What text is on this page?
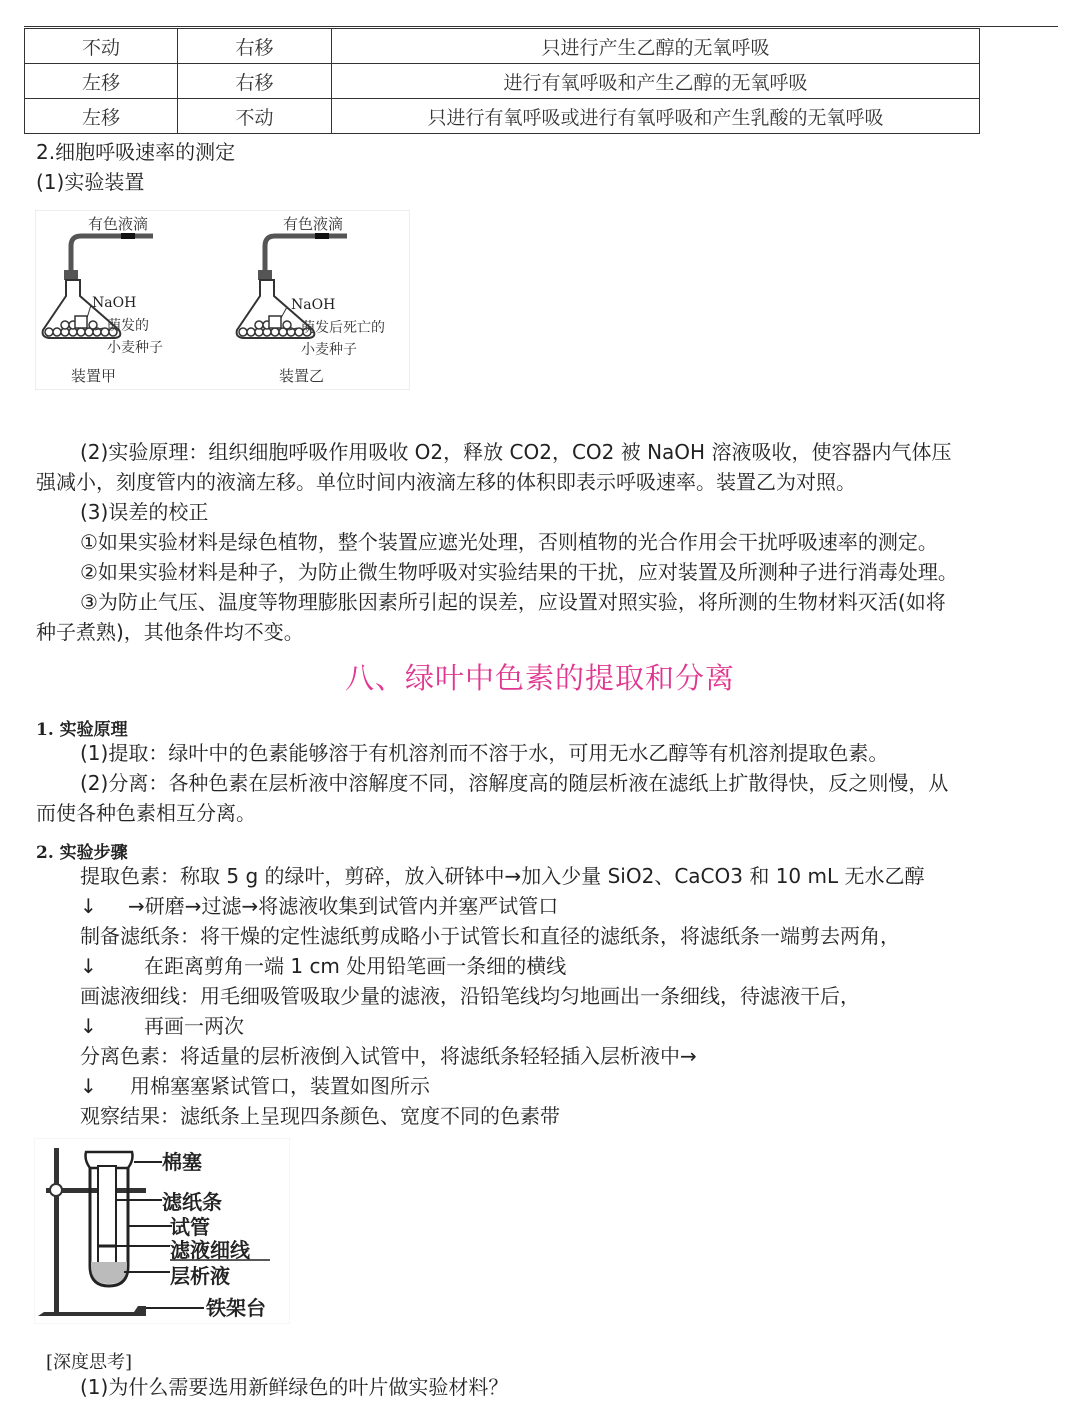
不动	右移	只进行产生乙醇的无氧呼吸
左移	右移	进行有氧呼吸和产生乙醇的无氧呼吸
左移	不动	只进行有氧呼吸或进行有氧呼吸和产生乳酸的无氧呼吸
2.细胞呼吸速率的测定
(1)实验装置
有色液滴
NaOH
萌发的
小麦种子
装置甲
有色液滴
NaOH
萌发后死亡的
小麦种子
装置乙
(2)实验原理：组织细胞呼吸作用吸收 O2，释放 CO2，CO2 被 NaOH 溶液吸收，使容器内气体压
强减小，刻度管内的液滴左移。单位时间内液滴左移的体积即表示呼吸速率。装置乙为对照。
(3)误差的校正
①如果实验材料是绿色植物，整个装置应遮光处理，否则植物的光合作用会干扰呼吸速率的测定。
②如果实验材料是种子，为防止微生物呼吸对实验结果的干扰，应对装置及所测种子进行消毒处理。
③为防止气压、温度等物理膨胀因素所引起的误差，应设置对照实验，将所测的生物材料灭活(如将
种子煮熟)，其他条件均不变。
八、绿叶中色素的提取和分离
1. 实验原理
(1)提取：绿叶中的色素能够溶于有机溶剂而不溶于水，可用无水乙醇等有机溶剂提取色素。
(2)分离：各种色素在层析液中溶解度不同，溶解度高的随层析液在滤纸上扩散得快，反之则慢，从
而使各种色素相互分离。
2. 实验步骤
提取色素：称取 5 g 的绿叶，剪碎，放入研钵中→加入少量 SiO2、CaCO3 和 10 mL 无水乙醇
↓ →研磨→过滤→将滤液收集到试管内并塞严试管口
制备滤纸条：将干燥的定性滤纸剪成略小于试管长和直径的滤纸条，将滤纸条一端剪去两角，
↓ 在距离剪角一端 1 cm 处用铅笔画一条细的横线
画滤液细线：用毛细吸管吸取少量的滤液，沿铅笔线均匀地画出一条细线，待滤液干后，
↓ 再画一两次
分离色素：将适量的层析液倒入试管中，将滤纸条轻轻插入层析液中→
↓ 用棉塞塞紧试管口，装置如图所示
观察结果：滤纸条上呈现四条颜色、宽度不同的色素带
棉塞
滤纸条
试管
滤液细线
层析液
铁架台
[深度思考]
(1)为什么需要选用新鲜绿色的叶片做实验材料？
